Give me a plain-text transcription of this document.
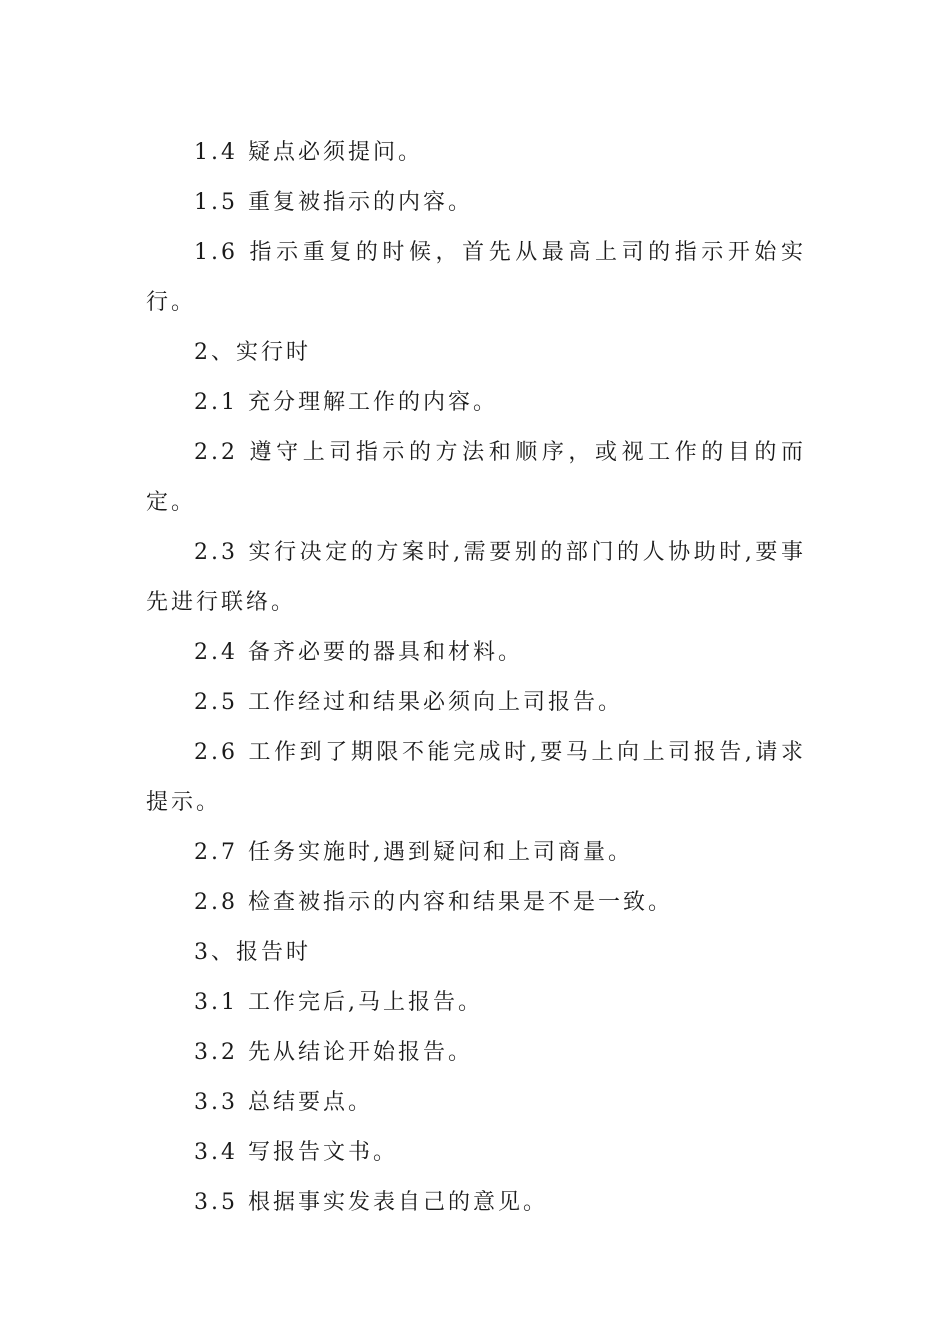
1.4 疑点必须提问。

1.5 重复被指示的内容。

1.6 指示重复的时候，首先从最高上司的指示开始实行。

2、实行时

2.1 充分理解工作的内容。

2.2 遵守上司指示的方法和顺序，或视工作的目的而定。

2.3 实行决定的方案时,需要别的部门的人协助时,要事先进行联络。

2.4 备齐必要的器具和材料。

2.5 工作经过和结果必须向上司报告。

2.6 工作到了期限不能完成时,要马上向上司报告,请求提示。

2.7 任务实施时,遇到疑问和上司商量。

2.8 检查被指示的内容和结果是不是一致。

3、报告时

3.1 工作完后,马上报告。

3.2 先从结论开始报告。

3.3 总结要点。

3.4 写报告文书。

3.5 根据事实发表自己的意见。
